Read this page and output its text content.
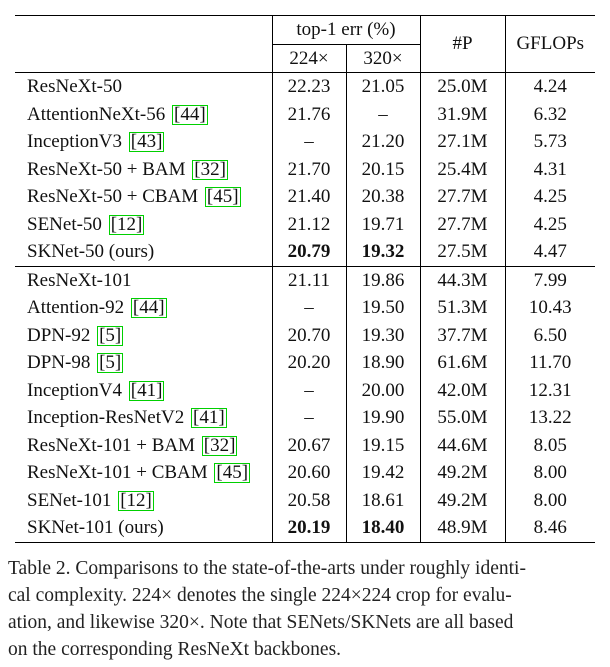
	top-1 err (%)		#P	GFLOPs
	224×	320×		
ResNeXt-50	22.23	21.05	25.0M	4.24
AttentionNeXt-56 [44]	21.76	–	31.9M	6.32
InceptionV3 [43]	–	21.20	27.1M	5.73
ResNeXt-50 + BAM [32]	21.70	20.15	25.4M	4.31
ResNeXt-50 + CBAM [45]	21.40	20.38	27.7M	4.25
SENet-50 [12]	21.12	19.71	27.7M	4.25
SKNet-50 (ours)	20.79	19.32	27.5M	4.47
ResNeXt-101	21.11	19.86	44.3M	7.99
Attention-92 [44]	–	19.50	51.3M	10.43
DPN-92 [5]	20.70	19.30	37.7M	6.50
DPN-98 [5]	20.20	18.90	61.6M	11.70
InceptionV4 [41]	–	20.00	42.0M	12.31
Inception-ResNetV2 [41]	–	19.90	55.0M	13.22
ResNeXt-101 + BAM [32]	20.67	19.15	44.6M	8.05
ResNeXt-101 + CBAM [45]	20.60	19.42	49.2M	8.00
SENet-101 [12]	20.58	18.61	49.2M	8.00
SKNet-101 (ours)	20.19	18.40	48.9M	8.46

Table 2. Comparisons to the state-of-the-arts under roughly identi-

cal complexity. 224× denotes the single 224×224 crop for evalu-

ation, and likewise 320×. Note that SENets/SKNets are all based

on the corresponding ResNeXt backbones.
